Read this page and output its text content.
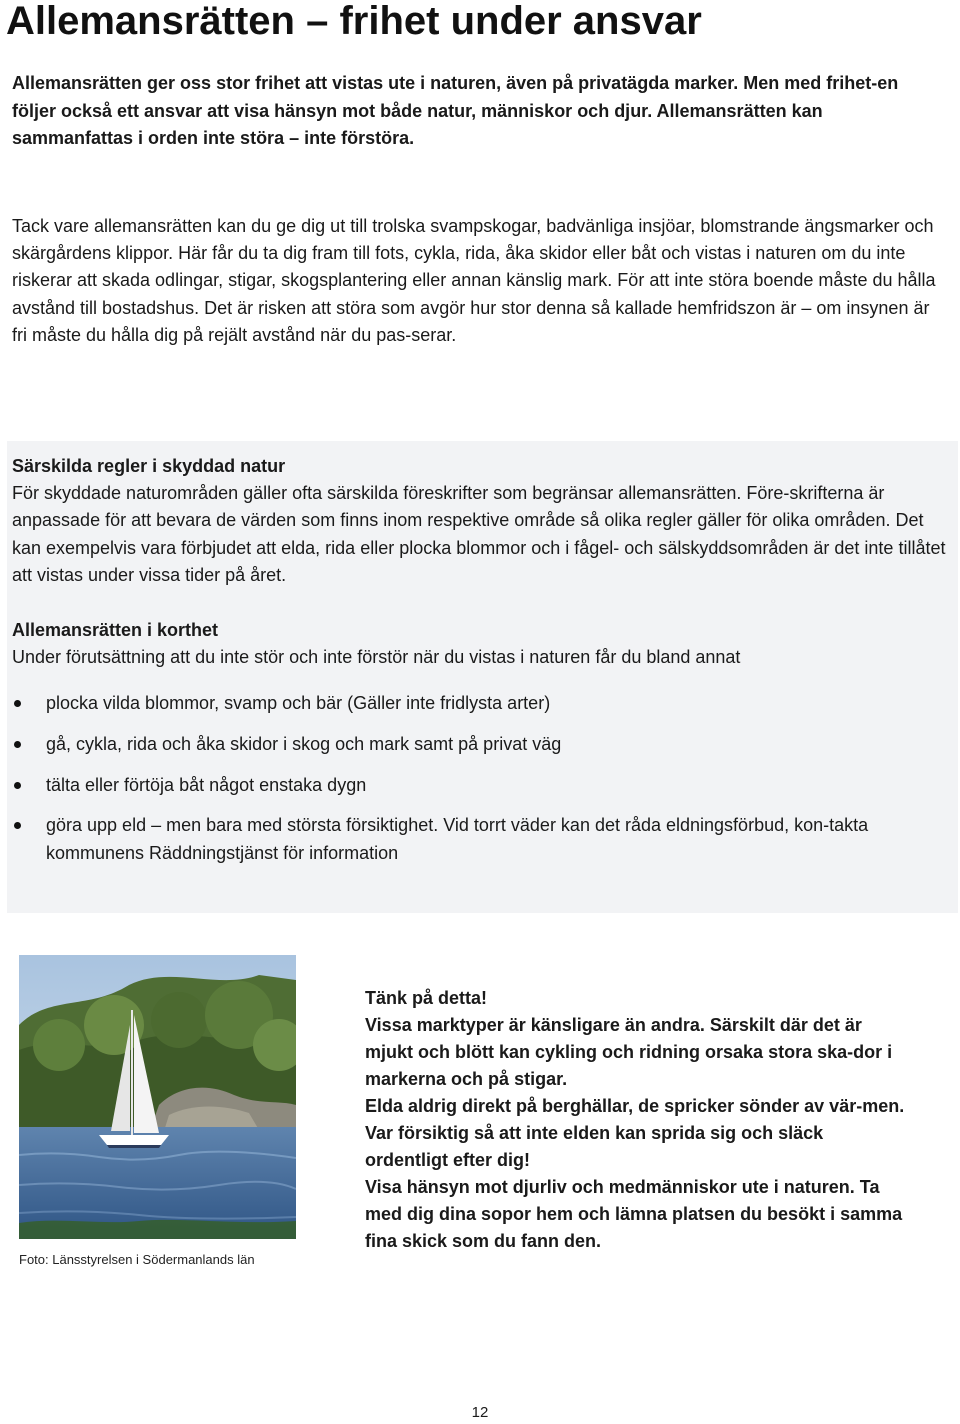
Allemansrätten – frihet under ansvar

Allemansrätten ger oss stor frihet att vistas ute i naturen, även på privatägda marker. Men med frihet-en följer också ett ansvar att visa hänsyn mot både natur, människor och djur. Allemansrätten kan sammanfattas i orden inte störa – inte förstöra.

Tack vare allemansrätten kan du ge dig ut till trolska svampskogar, badvänliga insjöar, blomstrande ängsmarker och skärgårdens klippor. Här får du ta dig fram till fots, cykla, rida, åka skidor eller båt och vistas i naturen om du inte riskerar att skada odlingar, stigar, skogsplantering eller annan känslig mark. För att inte störa boende måste du hålla avstånd till bostadshus. Det är risken att störa som avgör hur stor denna så kallade hemfridszon är – om insynen är fri måste du hålla dig på rejält avstånd när du pas-serar.

Särskilda regler i skyddad natur

För skyddade naturområden gäller ofta särskilda föreskrifter som begränsar allemansrätten. Före-skrifterna är anpassade för att bevara de värden som finns inom respektive område så olika regler gäller för olika områden. Det kan exempelvis vara förbjudet att elda, rida eller plocka blommor och i fågel- och sälskyddsområden är det inte tillåtet att vistas under vissa tider på året.

Allemansrätten i korthet

Under förutsättning att du inte stör och inte förstör när du vistas i naturen får du bland annat

plocka vilda blommor, svamp och bär (Gäller inte fridlysta arter)
gå, cykla, rida och åka skidor i skog och mark samt på privat väg
tälta eller förtöja båt något enstaka dygn
göra upp eld – men bara med största försiktighet. Vid torrt väder kan det råda eldningsförbud, kon-takta kommunens Räddningstjänst för information
Foto: Länsstyrelsen i Södermanlands län

Tänk på detta!

Vissa marktyper är känsligare än andra. Särskilt där det är mjukt och blött kan cykling och ridning orsaka stora ska-dor i markerna och på stigar.

Elda aldrig direkt på berghällar, de spricker sönder av vär-men. Var försiktig så att inte elden kan sprida sig och släck ordentligt efter dig!

Visa hänsyn mot djurliv och medmänniskor ute i naturen. Ta med dig dina sopor hem och lämna platsen du besökt i samma fina skick som du fann den.

12
